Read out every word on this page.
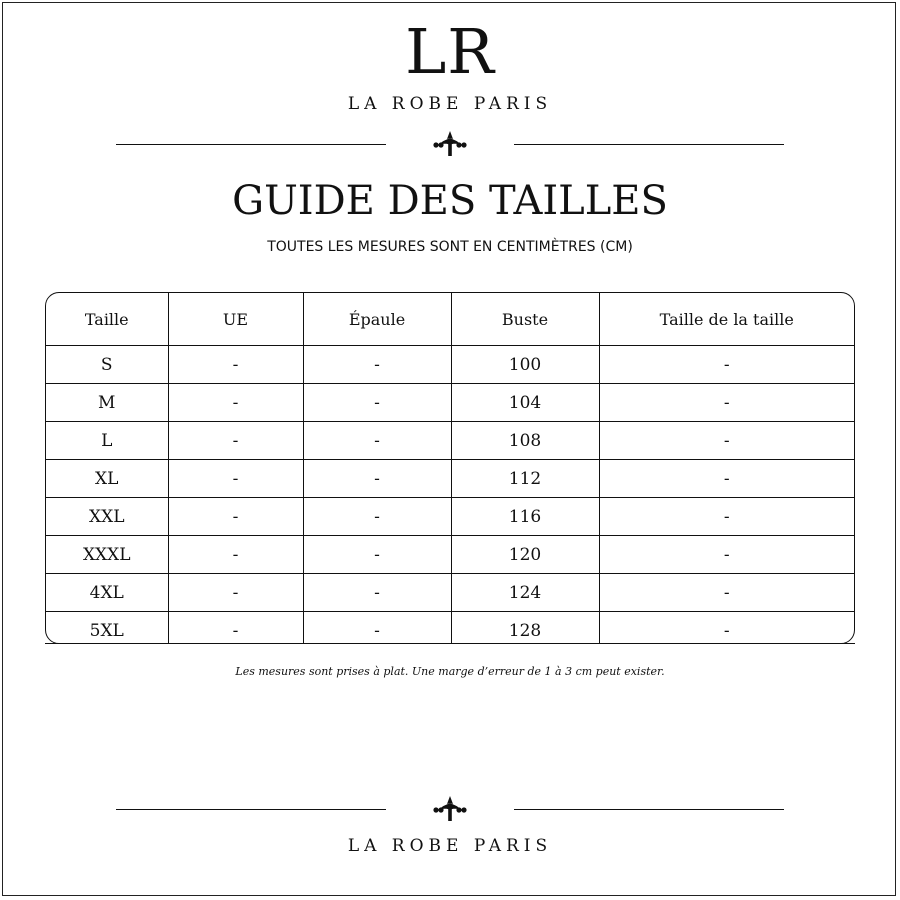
LR
LA ROBE PARIS
GUIDE DES TAILLES
TOUTES LES MESURES SONT EN CENTIMÈTRES (CM)
Taille	UE	Épaule	Buste	Taille de la taille
S	-	-	100	-
M	-	-	104	-
L	-	-	108	-
XL	-	-	112	-
XXL	-	-	116	-
XXXL	-	-	120	-
4XL	-	-	124	-
5XL	-	-	128	-
Les mesures sont prises à plat. Une marge d’erreur de 1 à 3 cm peut exister.
LA ROBE PARIS
